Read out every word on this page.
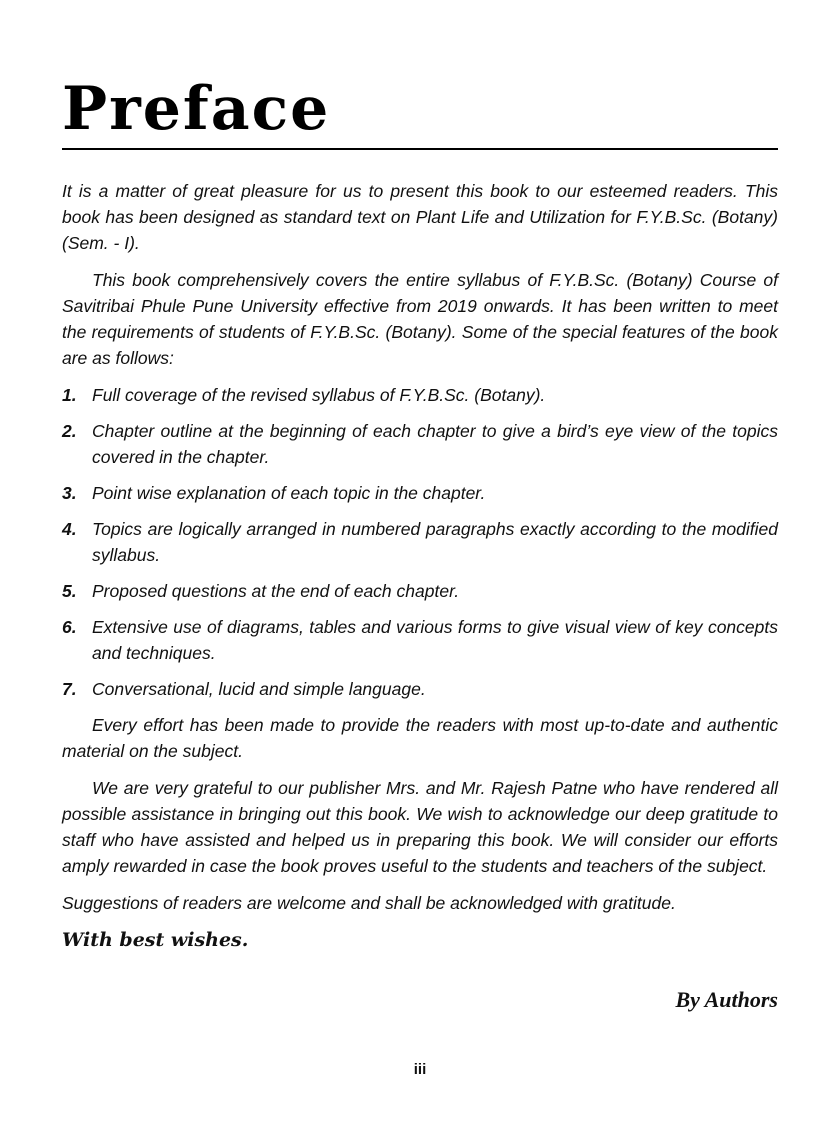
Preface

It is a matter of great pleasure for us to present this book to our esteemed readers. This book has been designed as standard text on Plant Life and Utilization for F.Y.B.Sc. (Botany) (Sem. - I).

This book comprehensively covers the entire syllabus of F.Y.B.Sc. (Botany) Course of Savitribai Phule Pune University effective from 2019 onwards. It has been written to meet the requirements of students of F.Y.B.Sc. (Botany). Some of the special features of the book are as follows:

1. Full coverage of the revised syllabus of F.Y.B.Sc. (Botany).
2. Chapter outline at the beginning of each chapter to give a bird’s eye view of the topics covered in the chapter.
3. Point wise explanation of each topic in the chapter.
4. Topics are logically arranged in numbered paragraphs exactly according to the modified syllabus.
5. Proposed questions at the end of each chapter.
6. Extensive use of diagrams, tables and various forms to give visual view of key concepts and techniques.
7. Conversational, lucid and simple language.

Every effort has been made to provide the readers with most up-to-date and authentic material on the subject.

We are very grateful to our publisher Mrs. and Mr. Rajesh Patne who have rendered all possible assistance in bringing out this book. We wish to acknowledge our deep gratitude to staff who have assisted and helped us in preparing this book. We will consider our efforts amply rewarded in case the book proves useful to the students and teachers of the subject.

Suggestions of readers are welcome and shall be acknowledged with gratitude.

With best wishes.

By Authors
iii
